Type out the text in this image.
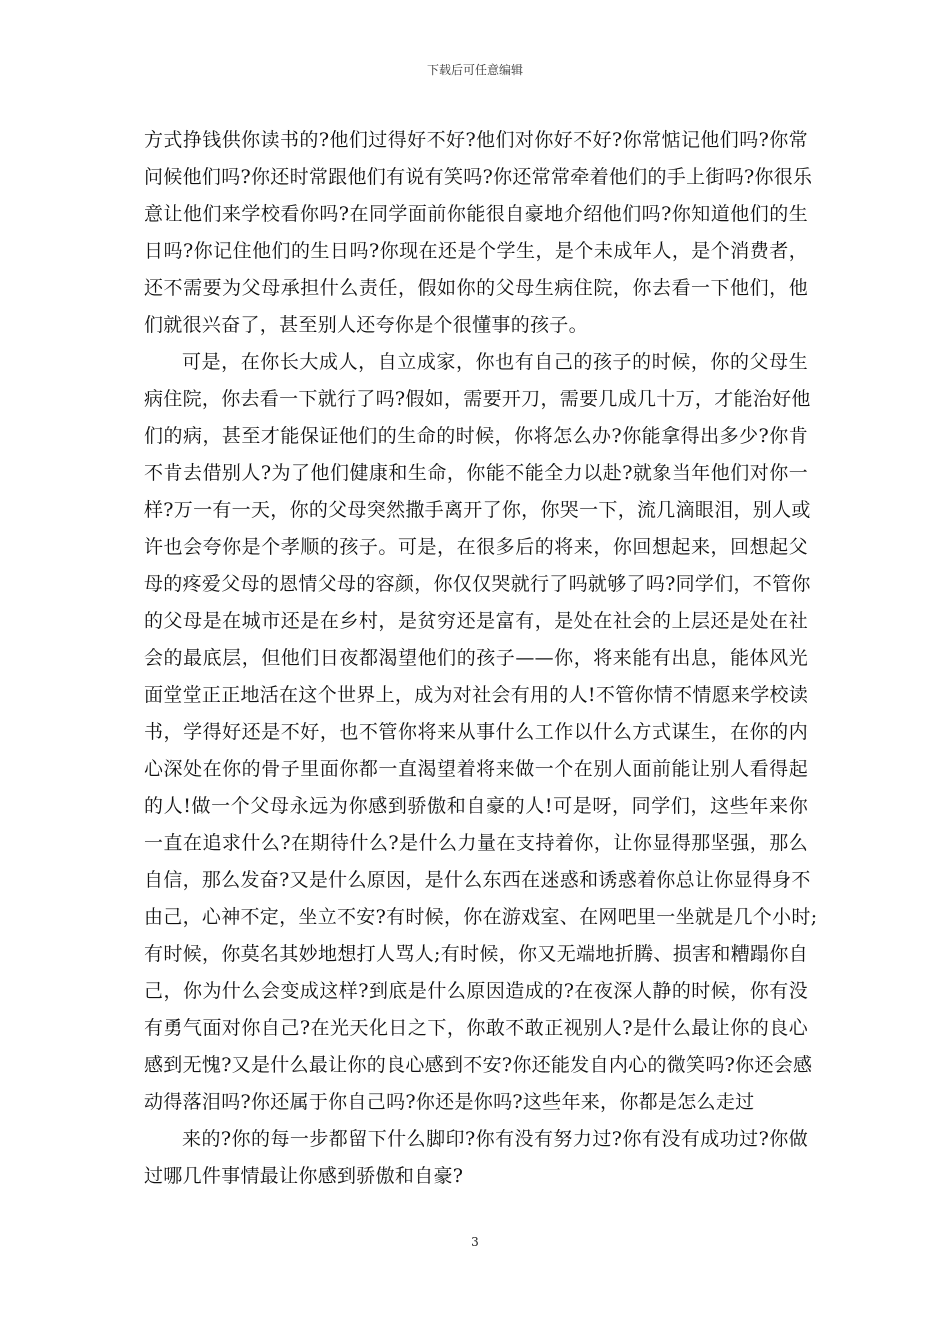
下载后可任意编辑
方式挣钱供你读书的?他们过得好不好?他们对你好不好?你常惦记他们吗?你常
问候他们吗?你还时常跟他们有说有笑吗?你还常常牵着他们的手上街吗?你很乐
意让他们来学校看你吗?在同学面前你能很自豪地介绍他们吗?你知道他们的生
日吗?你记住他们的生日吗?你现在还是个学生，是个未成年人，是个消费者，
还不需要为父母承担什么责任，假如你的父母生病住院，你去看一下他们，他
们就很兴奋了，甚至别人还夸你是个很懂事的孩子。
可是，在你长大成人，自立成家，你也有自己的孩子的时候，你的父母生
病住院，你去看一下就行了吗?假如，需要开刀，需要几成几十万，才能治好他
们的病，甚至才能保证他们的生命的时候，你将怎么办?你能拿得出多少?你肯
不肯去借别人?为了他们健康和生命，你能不能全力以赴?就象当年他们对你一
样?万一有一天，你的父母突然撒手离开了你，你哭一下，流几滴眼泪，别人或
许也会夸你是个孝顺的孩子。可是，在很多后的将来，你回想起来，回想起父
母的疼爱父母的恩情父母的容颜，你仅仅哭就行了吗就够了吗?同学们，不管你
的父母是在城市还是在乡村，是贫穷还是富有，是处在社会的上层还是处在社
会的最底层，但他们日夜都渴望他们的孩子——你，将来能有出息，能体风光
面堂堂正正地活在这个世界上，成为对社会有用的人!不管你情不情愿来学校读
书，学得好还是不好，也不管你将来从事什么工作以什么方式谋生，在你的内
心深处在你的骨子里面你都一直渴望着将来做一个在别人面前能让别人看得起
的人!做一个父母永远为你感到骄傲和自豪的人!可是呀，同学们，这些年来你
一直在追求什么?在期待什么?是什么力量在支持着你，让你显得那坚强，那么
自信，那么发奋?又是什么原因，是什么东西在迷惑和诱惑着你总让你显得身不
由己，心神不定，坐立不安?有时候，你在游戏室、在网吧里一坐就是几个小时;
有时候，你莫名其妙地想打人骂人;有时候，你又无端地折腾、损害和糟蹋你自
己，你为什么会变成这样?到底是什么原因造成的?在夜深人静的时候，你有没
有勇气面对你自己?在光天化日之下，你敢不敢正视别人?是什么最让你的良心
感到无愧?又是什么最让你的良心感到不安?你还能发自内心的微笑吗?你还会感
动得落泪吗?你还属于你自己吗?你还是你吗?这些年来，你都是怎么走过
来的?你的每一步都留下什么脚印?你有没有努力过?你有没有成功过?你做
过哪几件事情最让你感到骄傲和自豪?
3
